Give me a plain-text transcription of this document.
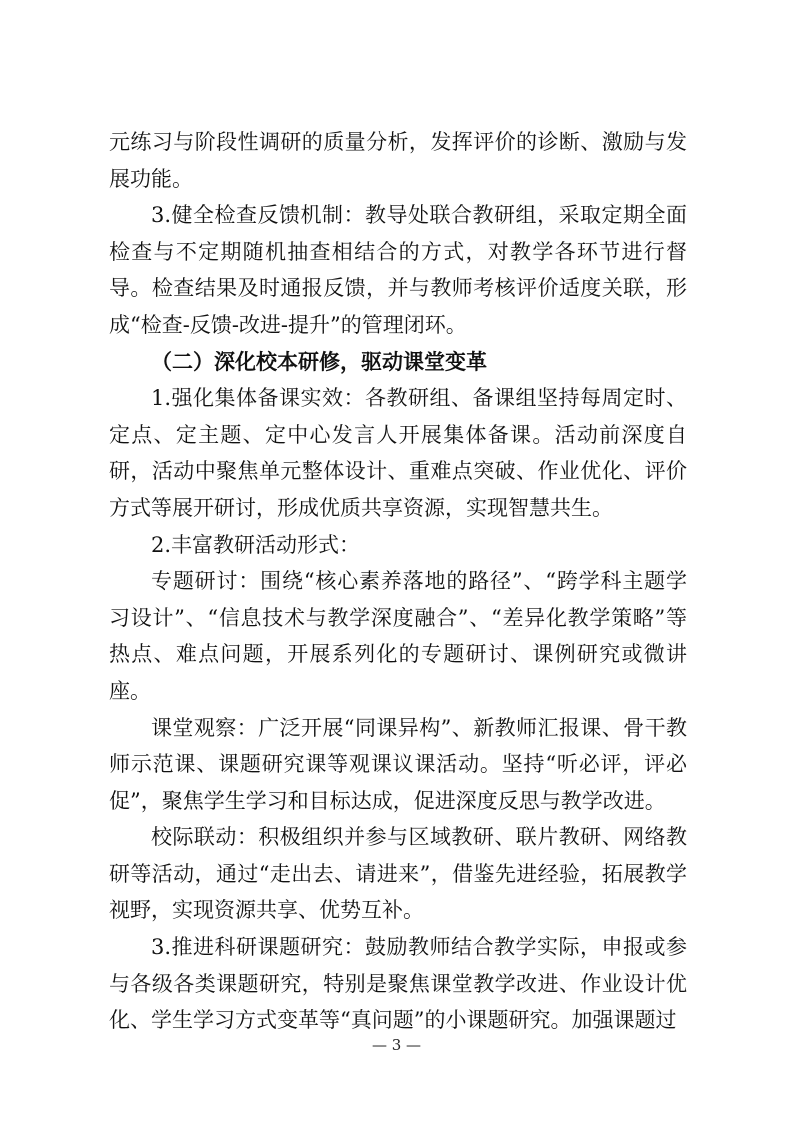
元练习与阶段性调研的质量分析，发挥评价的诊断、激励与发展功能。

3.健全检查反馈机制：教导处联合教研组，采取定期全面检查与不定期随机抽查相结合的方式，对教学各环节进行督导。检查结果及时通报反馈，并与教师考核评价适度关联，形成“检查-反馈-改进-提升”的管理闭环。

（二）深化校本研修，驱动课堂变革

1.强化集体备课实效：各教研组、备课组坚持每周定时、定点、定主题、定中心发言人开展集体备课。活动前深度自研，活动中聚焦单元整体设计、重难点突破、作业优化、评价方式等展开研讨，形成优质共享资源，实现智慧共生。

2.丰富教研活动形式：

专题研讨：围绕“核心素养落地的路径”、“跨学科主题学习设计”、“信息技术与教学深度融合”、“差异化教学策略”等热点、难点问题，开展系列化的专题研讨、课例研究或微讲座。

课堂观察：广泛开展“同课异构”、新教师汇报课、骨干教师示范课、课题研究课等观课议课活动。坚持“听必评，评必促”，聚焦学生学习和目标达成，促进深度反思与教学改进。

校际联动：积极组织并参与区域教研、联片教研、网络教研等活动，通过“走出去、请进来”，借鉴先进经验，拓展教学视野，实现资源共享、优势互补。

3.推进科研课题研究：鼓励教师结合教学实际，申报或参与各级各类课题研究，特别是聚焦课堂教学改进、作业设计优化、学生学习方式变革等“真问题”的小课题研究。加强课题过

— 3 —
